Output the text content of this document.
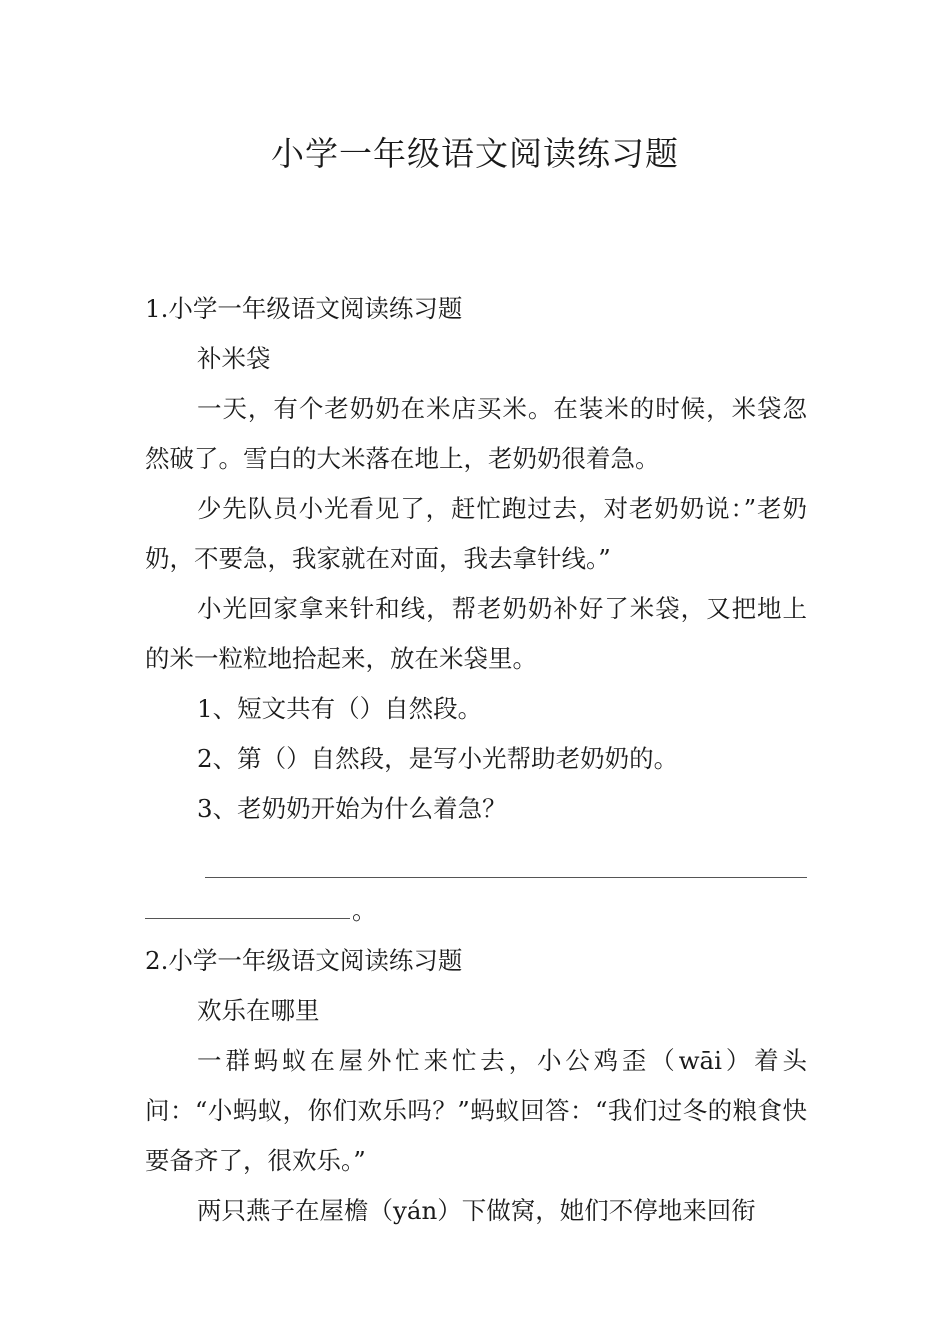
小学一年级语文阅读练习题

1.小学一年级语文阅读练习题

补米袋

一天，有个老奶奶在米店买米。在装米的时候，米袋忽然破了。雪白的大米落在地上，老奶奶很着急。

少先队员小光看见了，赶忙跑过去，对老奶奶说：”老奶奶，不要急，我家就在对面，我去拿针线。”

小光回家拿来针和线，帮老奶奶补好了米袋，又把地上的米一粒粒地拾起来，放在米袋里。

1、短文共有（）自然段。

2、第（）自然段，是写小光帮助老奶奶的。

3、老奶奶开始为什么着急？

。

2.小学一年级语文阅读练习题

欢乐在哪里

一群蚂蚁在屋外忙来忙去，小公鸡歪（wāi）着头问：“小蚂蚁，你们欢乐吗？”蚂蚁回答：“我们过冬的粮食快要备齐了，很欢乐。”

两只燕子在屋檐（yán）下做窝，她们不停地来回衔
